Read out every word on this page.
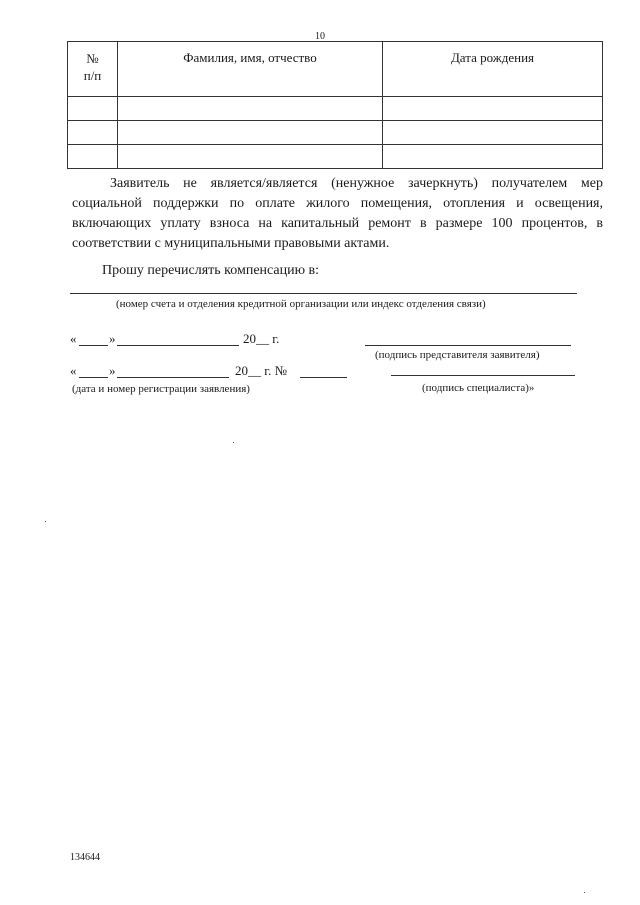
10
№
п/п	Фамилия, имя, отчество	Дата рождения

Заявитель не является/является (ненужное зачеркнуть) получателем мер социальной поддержки по оплате жилого помещения, отопления и освещения, включающих уплату взноса на капитальный ремонт в размере 100 процентов, в соответствии с муниципальными правовыми актами.

Прошу перечислять компенсацию в:
(номер счета и отделения кредитной организации или индекс отделения связи)
«	»	20__ г.
(подпись представителя заявителя)
«	»	20__ г. №
(дата и номер регистрации заявления)	(подпись специалиста)»
134644
